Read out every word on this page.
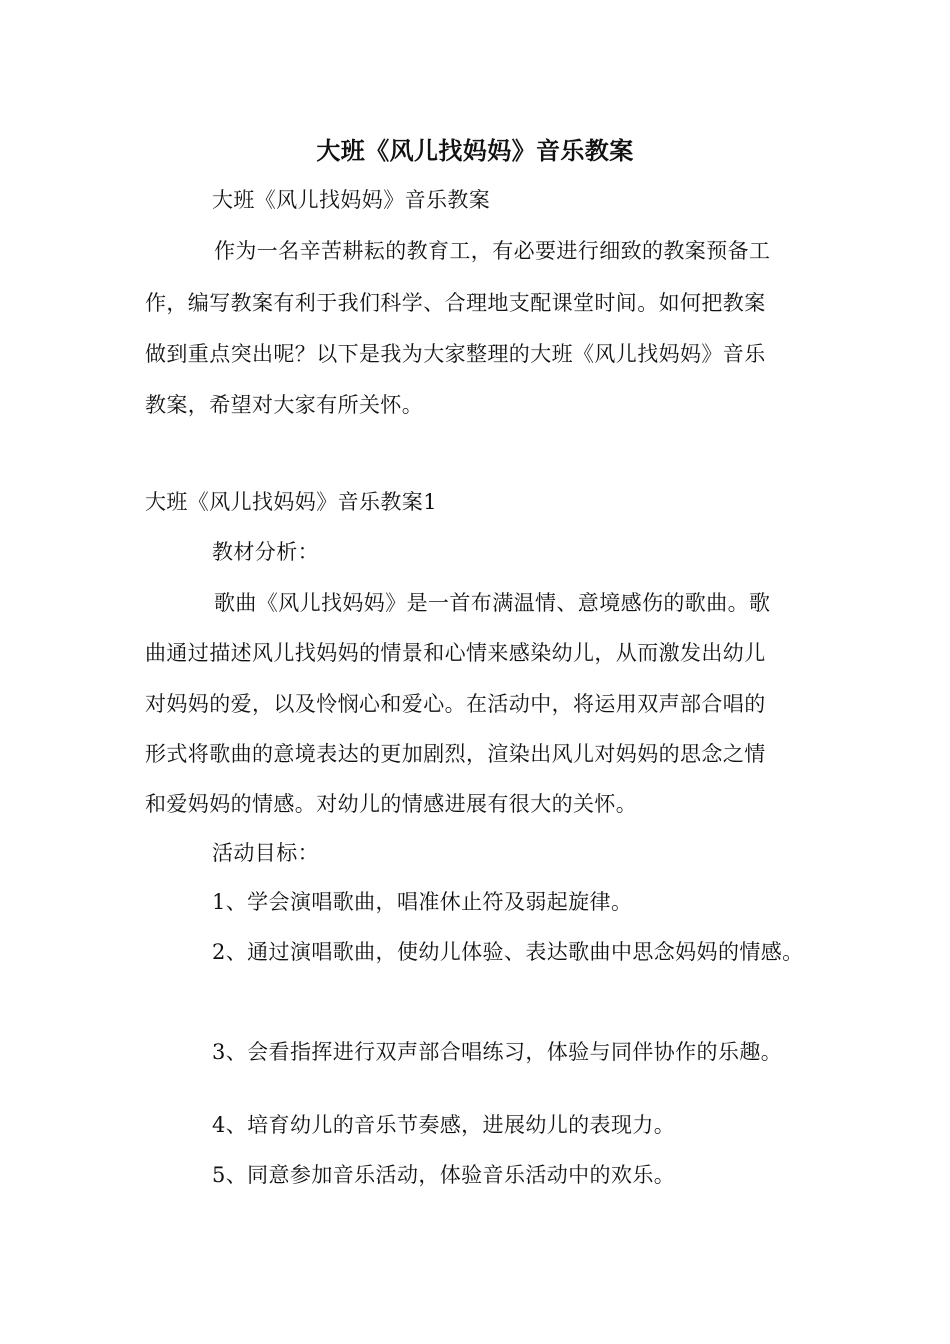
大班《风儿找妈妈》音乐教案
大班《风儿找妈妈》音乐教案
作为一名辛苦耕耘的教育工，有必要进行细致的教案预备工
作，编写教案有利于我们科学、合理地支配课堂时间。如何把教案
做到重点突出呢？以下是我为大家整理的大班《风儿找妈妈》音乐
教案，希望对大家有所关怀。
大班《风儿找妈妈》音乐教案1
教材分析：
歌曲《风儿找妈妈》是一首布满温情、意境感伤的歌曲。歌
曲通过描述风儿找妈妈的情景和心情来感染幼儿，从而激发出幼儿
对妈妈的爱，以及怜悯心和爱心。在活动中，将运用双声部合唱的
形式将歌曲的意境表达的更加剧烈，渲染出风儿对妈妈的思念之情
和爱妈妈的情感。对幼儿的情感进展有很大的关怀。
活动目标：
1、学会演唱歌曲，唱准休止符及弱起旋律。
2、通过演唱歌曲，使幼儿体验、表达歌曲中思念妈妈的情感。
3、会看指挥进行双声部合唱练习，体验与同伴协作的乐趣。
4、培育幼儿的音乐节奏感，进展幼儿的表现力。
5、同意参加音乐活动，体验音乐活动中的欢乐。
